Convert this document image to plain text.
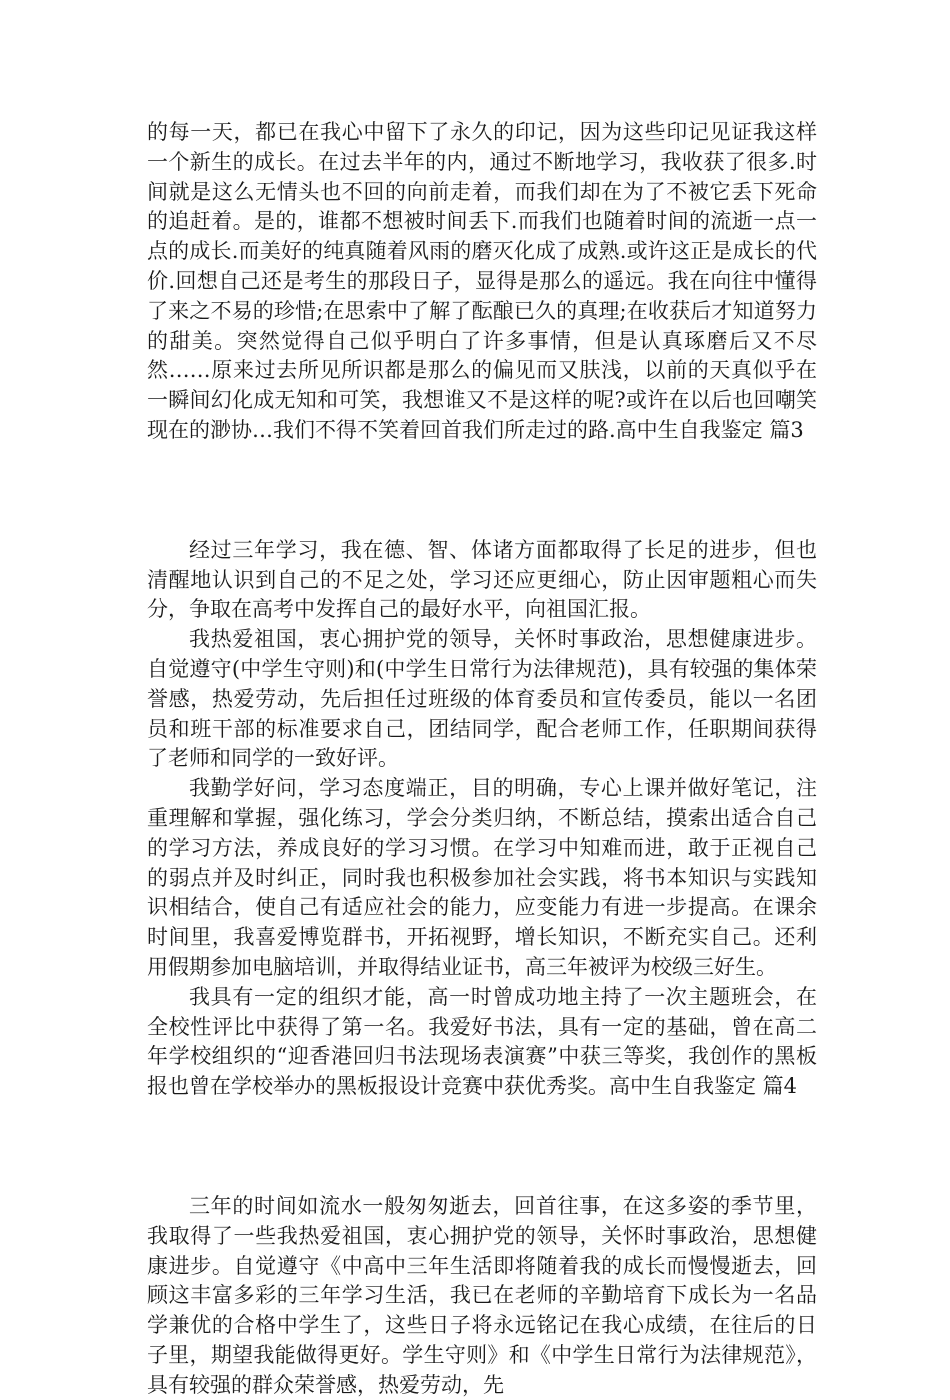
的每一天，都已在我心中留下了永久的印记，因为这些印记见证我这样一个新生的成长。在过去半年的内，通过不断地学习，我收获了很多.时间就是这么无情头也不回的向前走着，而我们却在为了不被它丢下死命的追赶着。是的，谁都不想被时间丢下.而我们也随着时间的流逝一点一点的成长.而美好的纯真随着风雨的磨灭化成了成熟.或许这正是成长的代价.回想自己还是考生的那段日子，显得是那么的遥远。我在向往中懂得了来之不易的珍惜;在思索中了解了酝酿已久的真理;在收获后才知道努力的甜美。突然觉得自己似乎明白了许多事情，但是认真琢磨后又不尽然……原来过去所见所识都是那么的偏见而又肤浅，以前的天真似乎在一瞬间幻化成无知和可笑，我想谁又不是这样的呢?或许在以后也回嘲笑现在的渺协…我们不得不笑着回首我们所走过的路.高中生自我鉴定 篇3

经过三年学习，我在德、智、体诸方面都取得了长足的进步，但也清醒地认识到自己的不足之处，学习还应更细心，防止因审题粗心而失分，争取在高考中发挥自己的最好水平，向祖国汇报。

我热爱祖国，衷心拥护党的领导，关怀时事政治，思想健康进步。自觉遵守(中学生守则)和(中学生日常行为法律规范)，具有较强的集体荣誉感，热爱劳动，先后担任过班级的体育委员和宣传委员，能以一名团员和班干部的标准要求自己，团结同学，配合老师工作，任职期间获得了老师和同学的一致好评。

我勤学好问，学习态度端正，目的明确，专心上课并做好笔记，注重理解和掌握，强化练习，学会分类归纳，不断总结，摸索出适合自己的学习方法，养成良好的学习习惯。在学习中知难而进，敢于正视自己的弱点并及时纠正，同时我也积极参加社会实践，将书本知识与实践知识相结合，使自己有适应社会的能力，应变能力有进一步提高。在课余时间里，我喜爱博览群书，开拓视野，增长知识，不断充实自己。还利用假期参加电脑培训，并取得结业证书，高三年被评为校级三好生。

我具有一定的组织才能，高一时曾成功地主持了一次主题班会，在全校性评比中获得了第一名。我爱好书法，具有一定的基础，曾在高二年学校组织的“迎香港回归书法现场表演赛”中获三等奖，我创作的黑板报也曾在学校举办的黑板报设计竞赛中获优秀奖。高中生自我鉴定 篇4

三年的时间如流水一般匆匆逝去，回首往事，在这多姿的季节里，我取得了一些我热爱祖国，衷心拥护党的领导，关怀时事政治，思想健康进步。自觉遵守《中高中三年生活即将随着我的成长而慢慢逝去，回顾这丰富多彩的三年学习生活，我已在老师的辛勤培育下成长为一名品学兼优的合格中学生了，这些日子将永远铭记在我心成绩，在往后的日子里，期望我能做得更好。学生守则》和《中学生日常行为法律规范》，具有较强的群众荣誉感，热爱劳动，先
